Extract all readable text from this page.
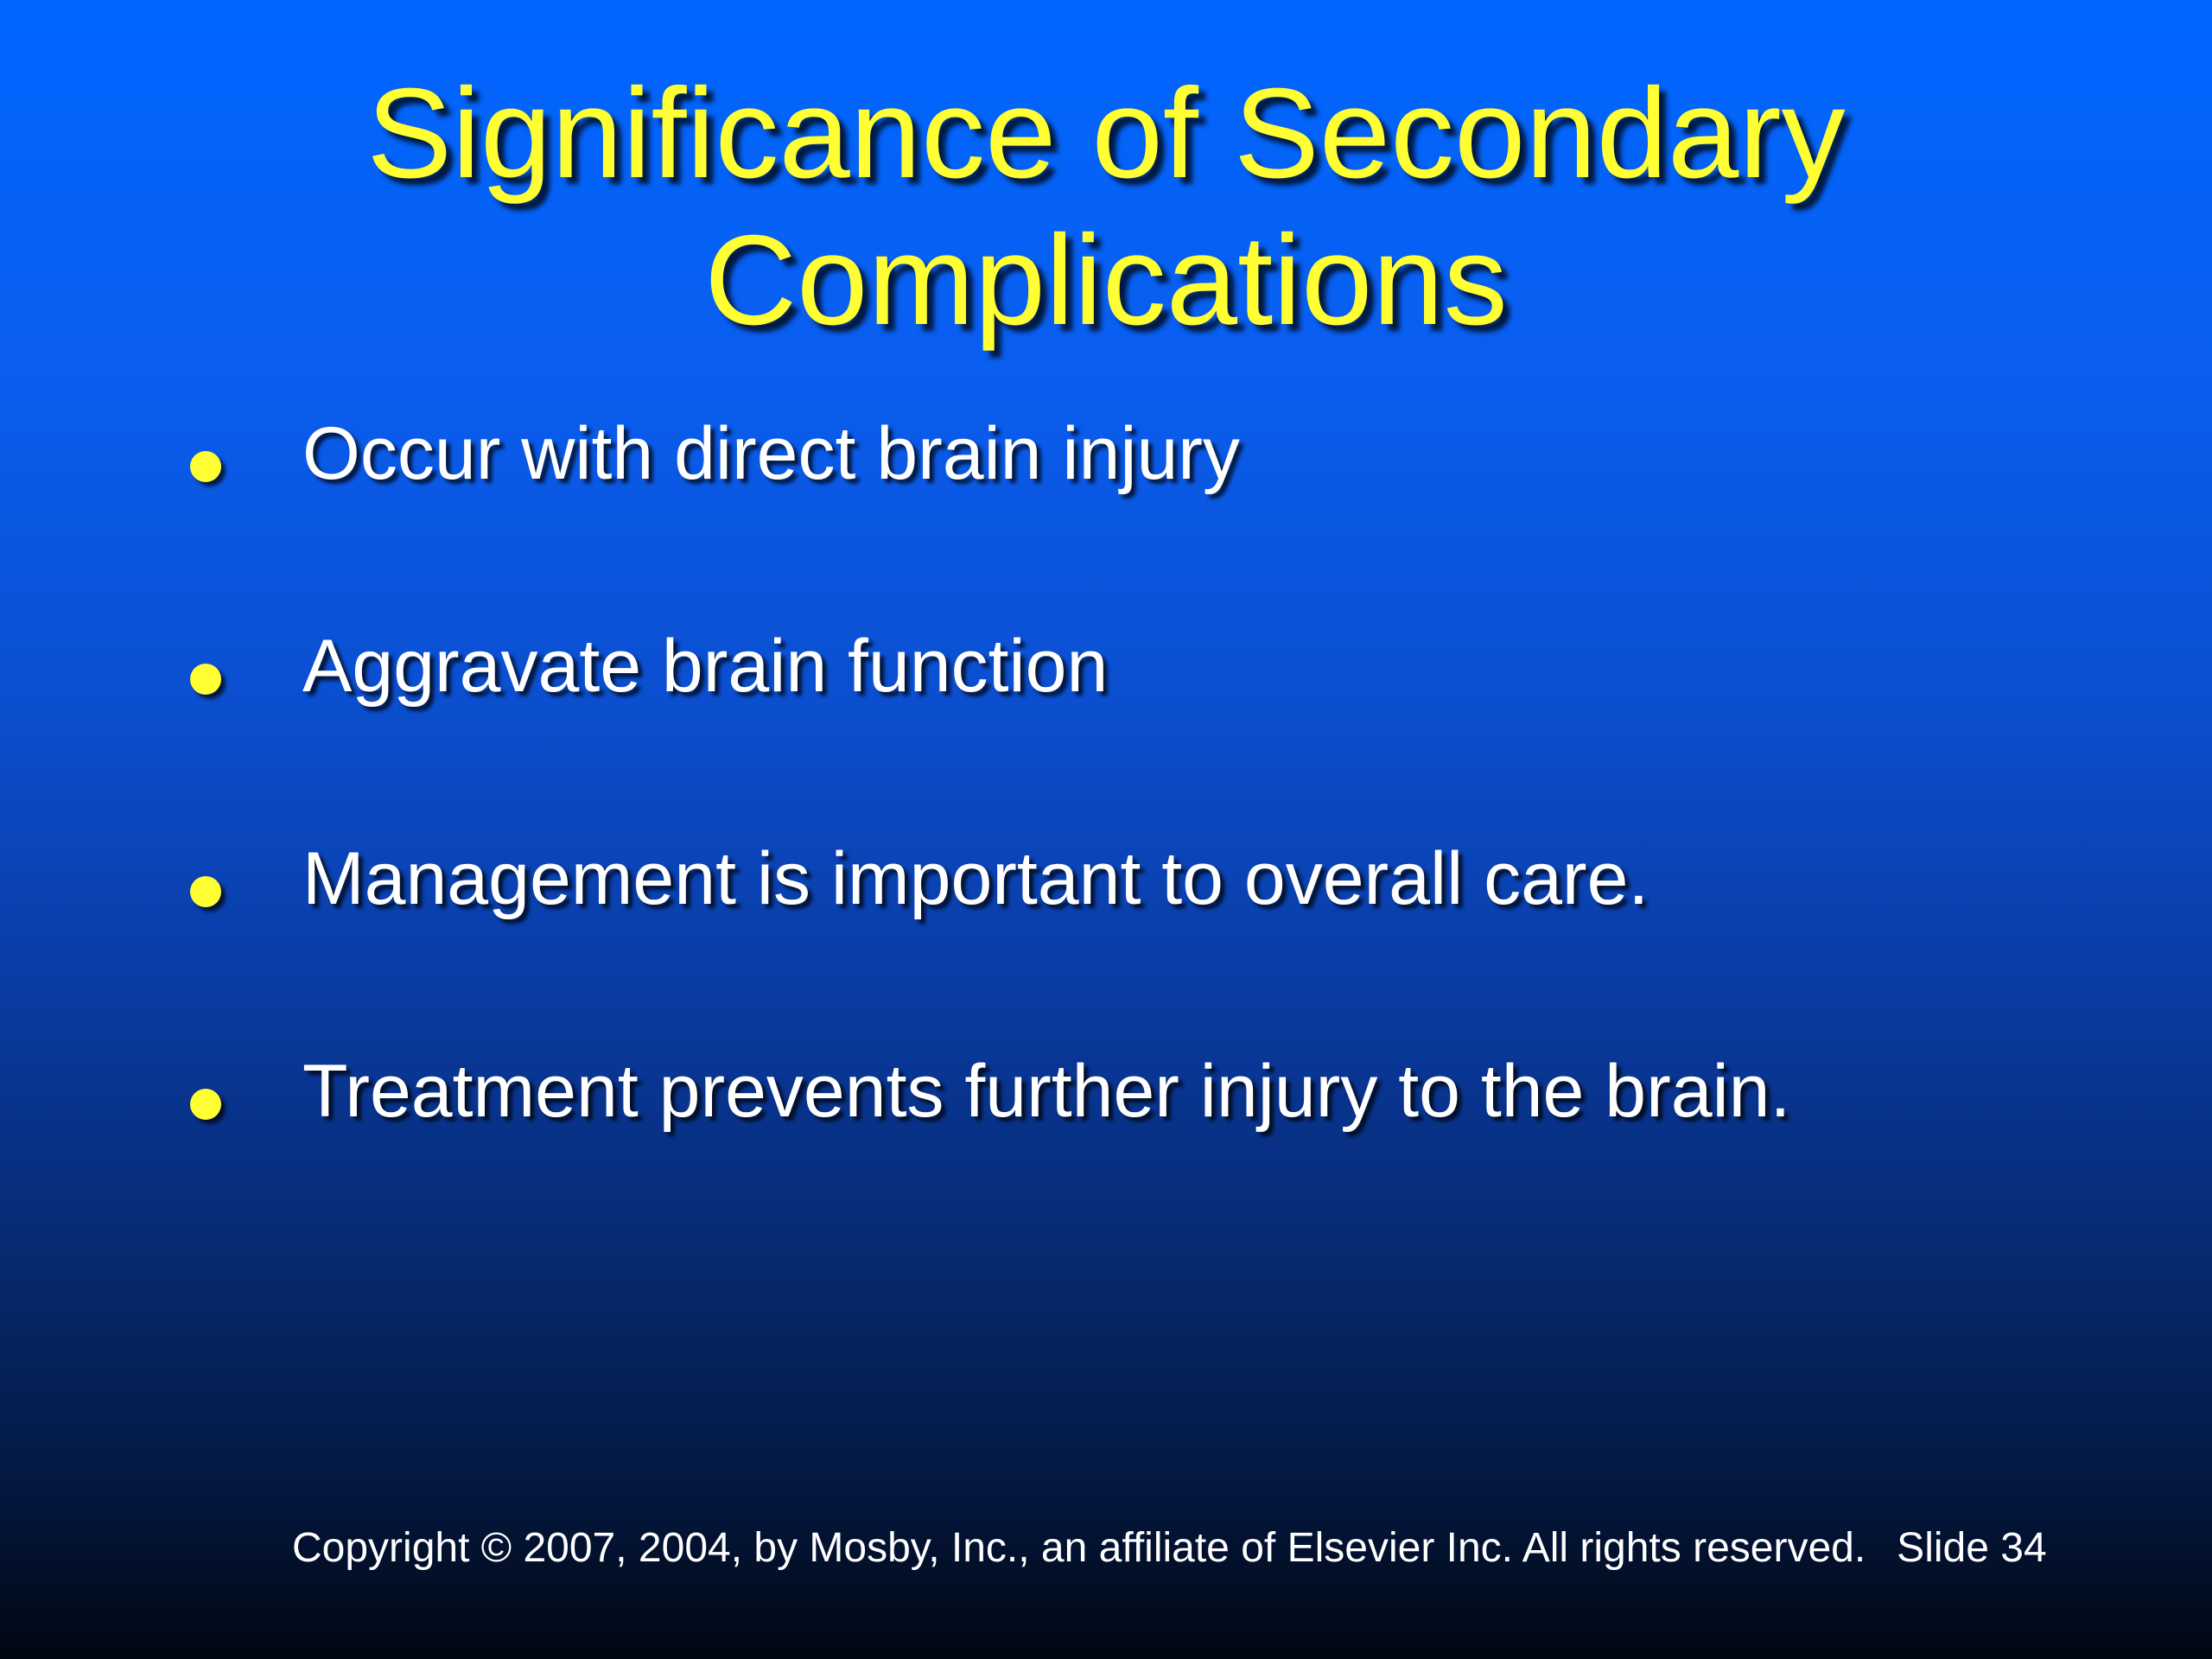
Significance of Secondary
Complications
Occur with direct brain injury
Aggravate brain function
Management is important to overall care.
Treatment prevents further injury to the brain.
Copyright © 2007, 2004, by Mosby, Inc., an affiliate of Elsevier Inc. All rights reserved. Slide 34
